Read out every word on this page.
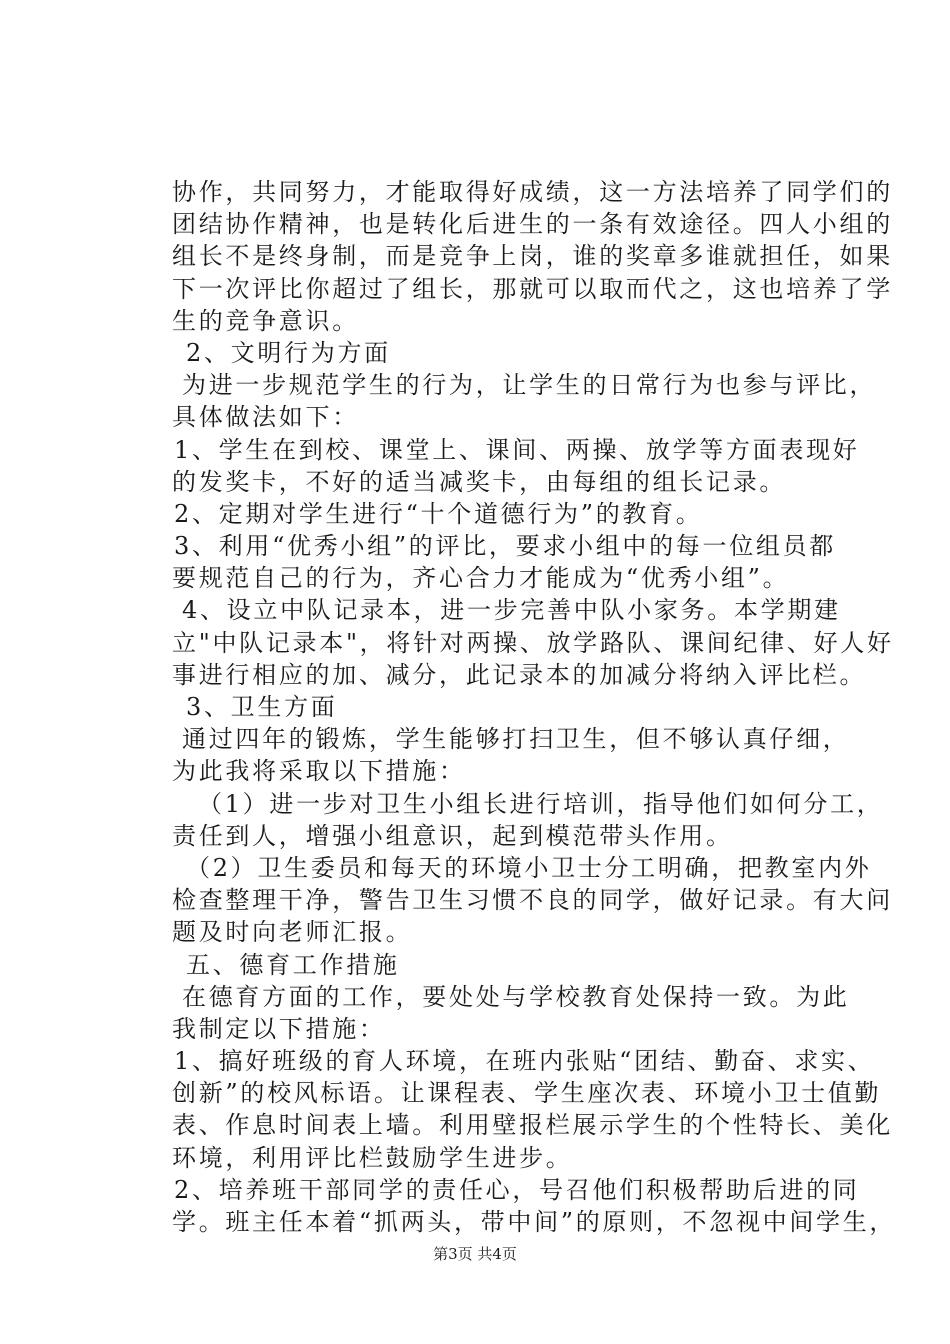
协作，共同努力，才能取得好成绩，这一方法培养了同学们的
团结协作精神，也是转化后进生的一条有效途径。四人小组的
组长不是终身制，而是竞争上岗，谁的奖章多谁就担任，如果
下一次评比你超过了组长，那就可以取而代之，这也培养了学
生的竞争意识。
2、文明行为方面
为进一步规范学生的行为，让学生的日常行为也参与评比，
具体做法如下：
1、学生在到校、课堂上、课间、两操、放学等方面表现好
的发奖卡，不好的适当减奖卡，由每组的组长记录。
2、定期对学生进行“十个道德行为”的教育。
3、利用“优秀小组”的评比，要求小组中的每一位组员都
要规范自己的行为，齐心合力才能成为“优秀小组”。
4、设立中队记录本，进一步完善中队小家务。本学期建
立"中队记录本"，将针对两操、放学路队、课间纪律、好人好
事进行相应的加、减分，此记录本的加减分将纳入评比栏。
3、卫生方面
通过四年的锻炼，学生能够打扫卫生，但不够认真仔细，
为此我将采取以下措施：
（1）进一步对卫生小组长进行培训，指导他们如何分工，
责任到人，增强小组意识，起到模范带头作用。
（2）卫生委员和每天的环境小卫士分工明确，把教室内外
检查整理干净，警告卫生习惯不良的同学，做好记录。有大问
题及时向老师汇报。
五、德育工作措施
在德育方面的工作，要处处与学校教育处保持一致。为此
我制定以下措施：
1、搞好班级的育人环境，在班内张贴“团结、勤奋、求实、
创新”的校风标语。让课程表、学生座次表、环境小卫士值勤
表、作息时间表上墙。利用壁报栏展示学生的个性特长、美化
环境，利用评比栏鼓励学生进步。
2、培养班干部同学的责任心，号召他们积极帮助后进的同
学。班主任本着“抓两头，带中间”的原则，不忽视中间学生，
第3页 共4页
